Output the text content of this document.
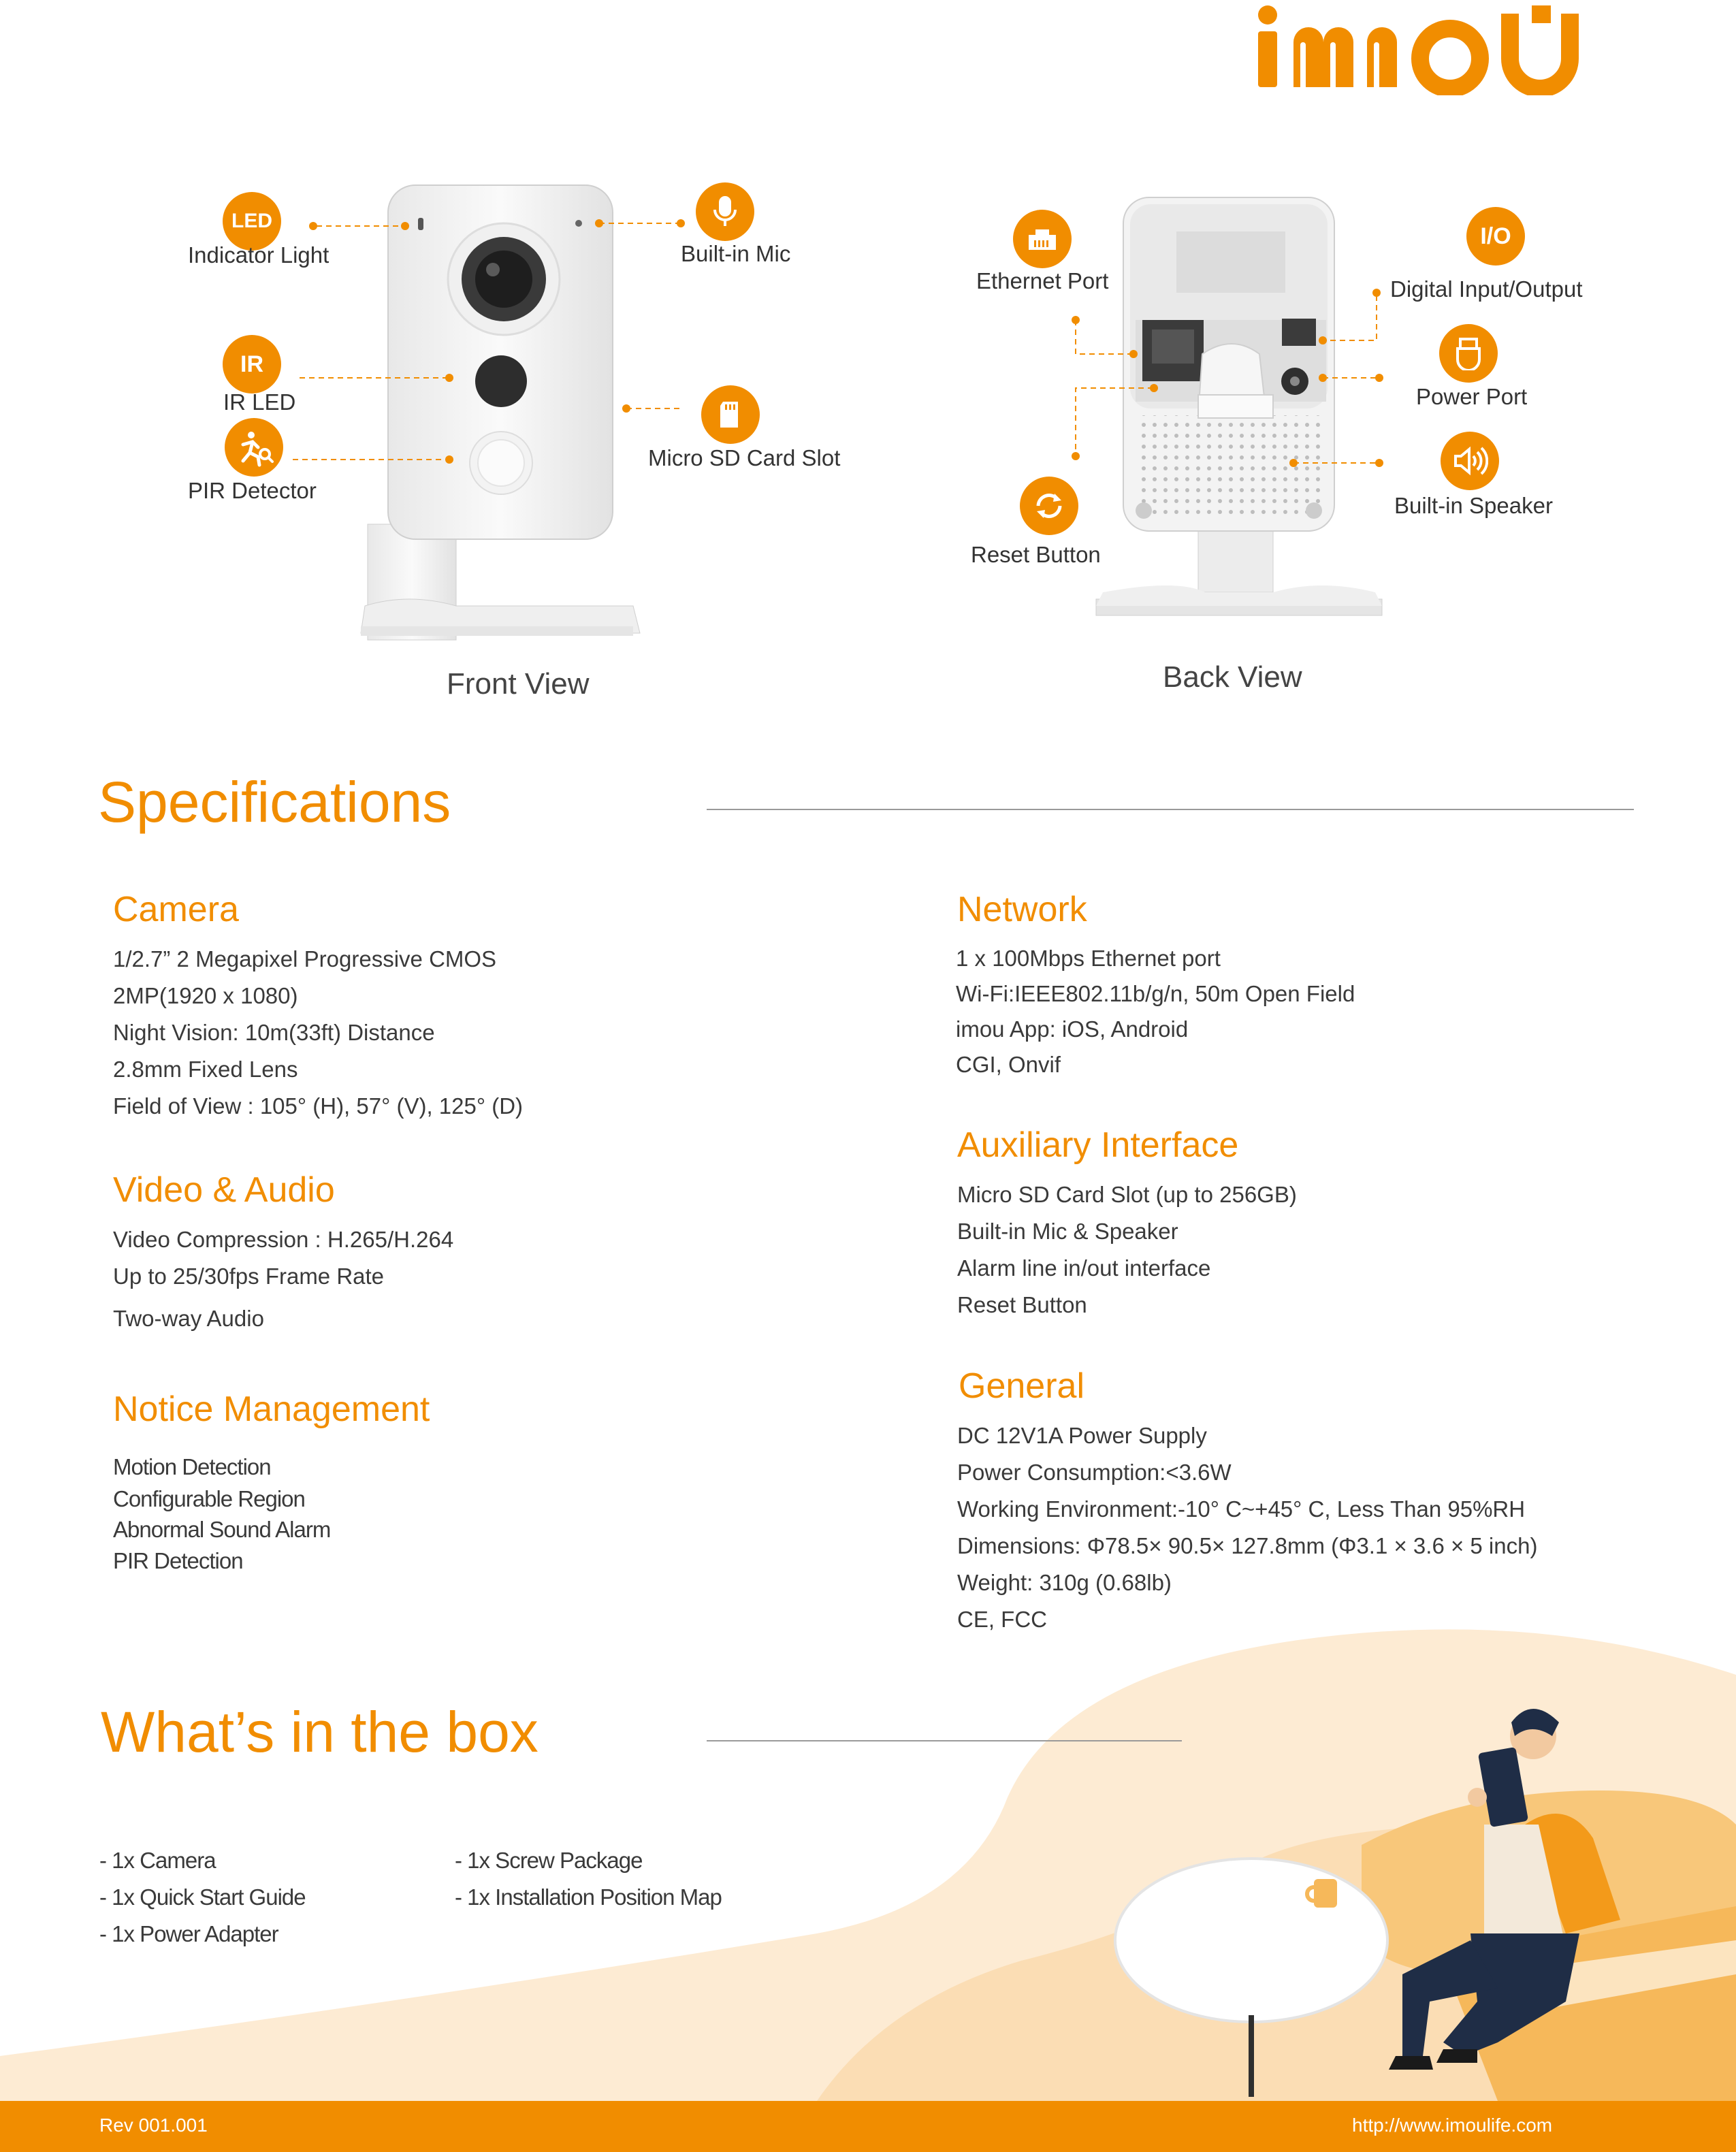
LED
Indicator Light
IR
IR LED
PIR Detector
Built-in Mic
Micro SD Card Slot
Front View
Ethernet Port
I/O
Digital Input/Output
Power Port
Built-in Speaker
Reset Button
Back View
Specifications
Camera
1/2.7” 2 Megapixel Progressive CMOS
2MP(1920 x 1080)
Night Vision: 10m(33ft) Distance
2.8mm Fixed Lens
Field of View : 105° (H), 57° (V), 125° (D)
Video & Audio
Video Compression : H.265/H.264
Up to 25/30fps Frame Rate
Two-way Audio
Notice Management
Motion Detection
Configurable Region
Abnormal Sound Alarm
PIR Detection
Network
1 x 100Mbps Ethernet port
Wi-Fi:IEEE802.11b/g/n, 50m Open Field
imou App: iOS, Android
CGI, Onvif
Auxiliary Interface
Micro SD Card Slot (up to 256GB)
Built-in Mic & Speaker
Alarm line in/out interface
Reset Button
General
DC 12V1A Power Supply
Power Consumption:<3.6W
Working Environment:-10° C~+45° C, Less Than 95%RH
Dimensions: Φ78.5× 90.5× 127.8mm (Φ3.1 × 3.6 × 5 inch)
Weight: 310g (0.68lb)
CE, FCC
What’s in the box
- 1x Camera
- 1x Quick Start Guide
- 1x Power Adapter
- 1x Screw Package
- 1x Installation Position Map
Rev 001.001	http://www.imoulife.com
